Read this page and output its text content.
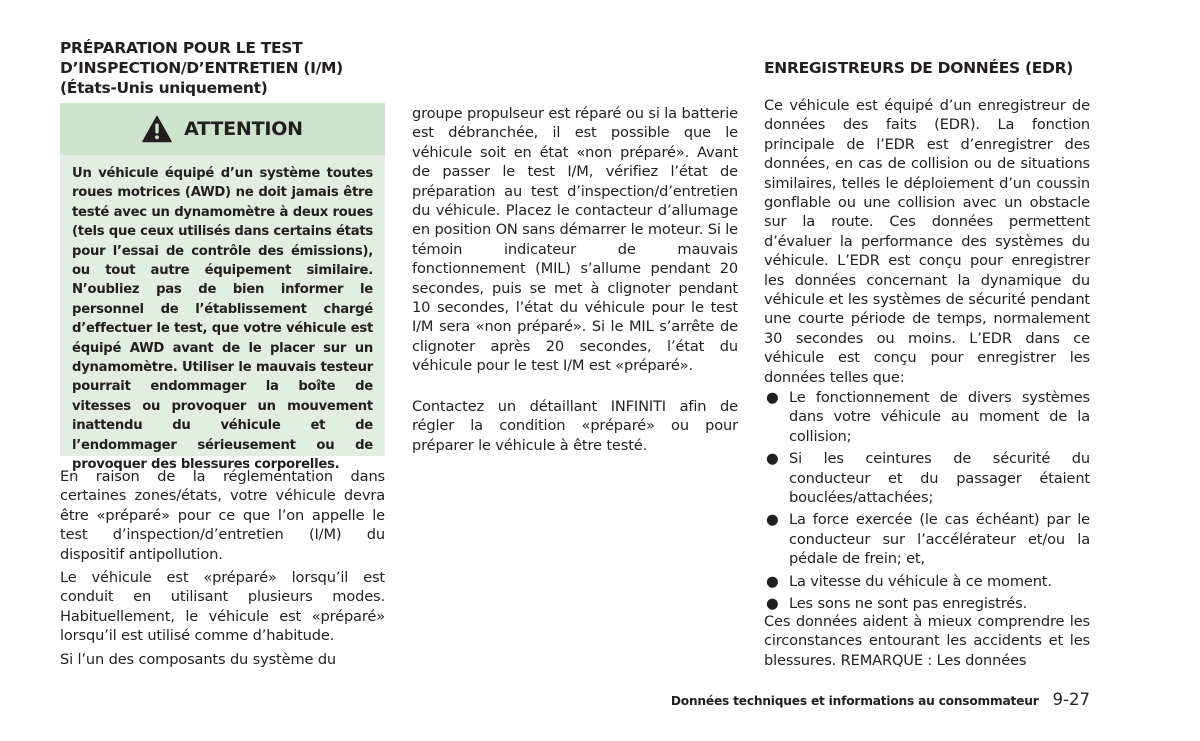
PRÉPARATION POUR LE TEST D’INSPECTION/D’ENTRETIEN (I/M) (États-Unis uniquement)
ATTENTION

Un véhicule équipé d’un système toutes roues motrices (AWD) ne doit jamais être testé avec un dynamomètre à deux roues (tels que ceux utilisés dans certains états pour l’essai de contrôle des émissions), ou tout autre équipement similaire. N’oubliez pas de bien informer le personnel de l’établissement chargé d’effectuer le test, que votre véhicule est équipé AWD avant de le placer sur un dynamomètre. Utiliser le mauvais testeur pourrait endommager la boîte de vitesses ou provoquer un mouvement inattendu du véhicule et de l’endommager sérieusement ou de provoquer des blessures corporelles.

En raison de la réglementation dans certaines zones/états, votre véhicule devra être «préparé» pour ce que l’on appelle le test d’inspection/d’entretien (I/M) du dispositif antipollution.

Le véhicule est «préparé» lorsqu’il est conduit en utilisant plusieurs modes. Habituellement, le véhicule est «préparé» lorsqu’il est utilisé comme d’habitude.

Si l’un des composants du système du

groupe propulseur est réparé ou si la batterie est débranchée, il est possible que le véhicule soit en état «non préparé». Avant de passer le test I/M, vérifiez l’état de préparation au test d’inspection/d’entretien du véhicule. Placez le contacteur d’allumage en position ON sans démarrer le moteur. Si le témoin indicateur de mauvais fonctionnement (MIL) s’allume pendant 20 secondes, puis se met à clignoter pendant 10 secondes, l’état du véhicule pour le test I/M sera «non préparé». Si le MIL s’arrête de clignoter après 20 secondes, l’état du véhicule pour le test I/M est «préparé».

Contactez un détaillant INFINITI afin de régler la condition «préparé» ou pour préparer le véhicule à être testé.

ENREGISTREURS DE DONNÉES (EDR)

Ce véhicule est équipé d’un enregistreur de données des faits (EDR). La fonction principale de l’EDR est d’enregistrer des données, en cas de collision ou de situations similaires, telles le déploiement d’un coussin gonflable ou une collision avec un obstacle sur la route. Ces données permettent d’évaluer la performance des systèmes du véhicule. L’EDR est conçu pour enregistrer les données concernant la dynamique du véhicule et les systèmes de sécurité pendant une courte période de temps, normalement 30 secondes ou moins. L’EDR dans ce véhicule est conçu pour enregistrer les données telles que:

● Le fonctionnement de divers systèmes dans votre véhicule au moment de la collision;
● Si les ceintures de sécurité du conducteur et du passager étaient bouclées/attachées;
● La force exercée (le cas échéant) par le conducteur sur l’accélérateur et/ou la pédale de frein; et,
● La vitesse du véhicule à ce moment.
● Les sons ne sont pas enregistrés.

Ces données aident à mieux comprendre les circonstances entourant les accidents et les blessures. REMARQUE : Les données

Données techniques et informations au consommateur 9-27
